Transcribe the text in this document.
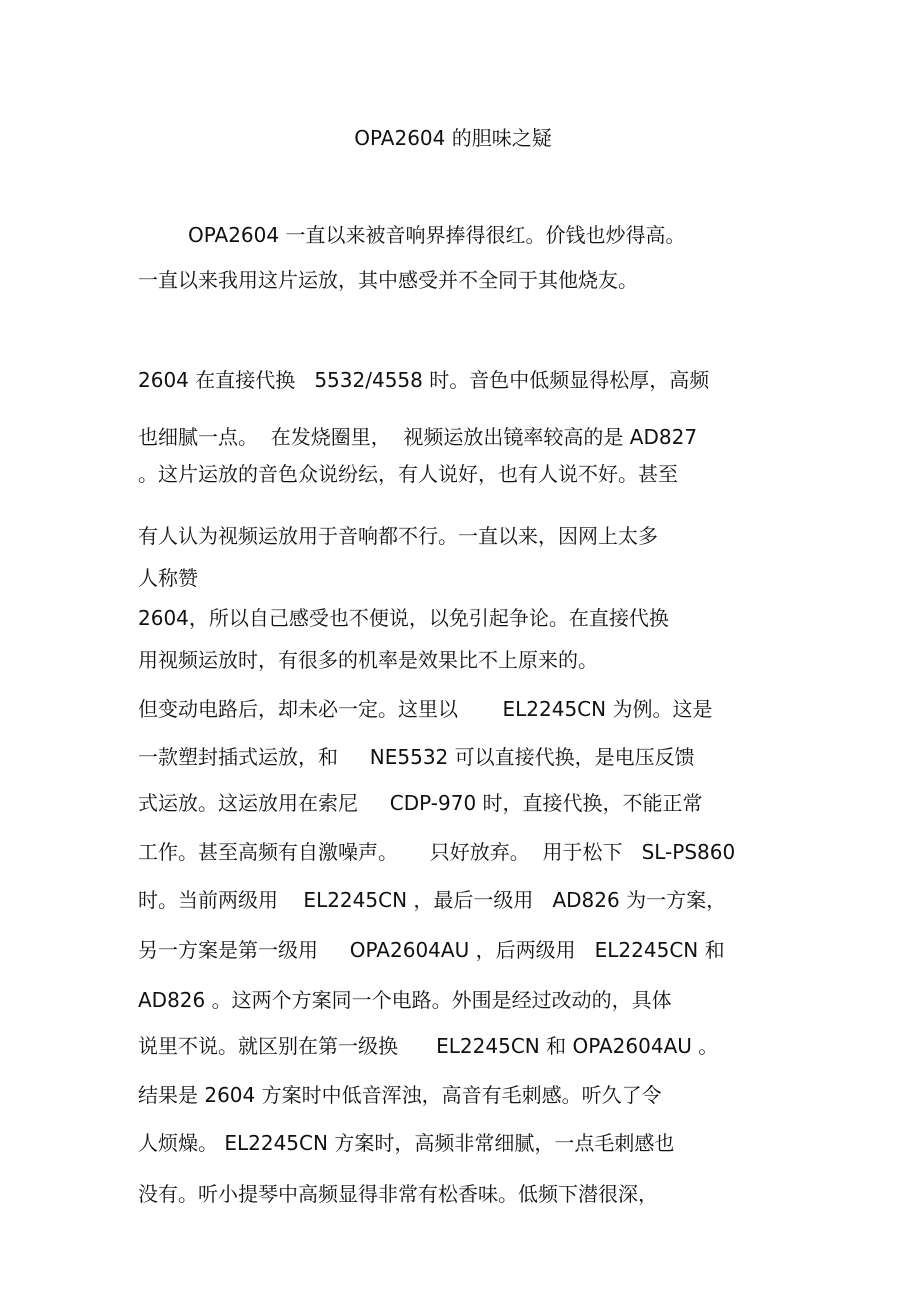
OPA2604 的胆味之疑
OPA2604 一直以来被音响界捧得很红。价钱也炒得高。
一直以来我用这片运放，其中感受并不全同于其他烧友。
2604 在直接代换   5532/4558 时。音色中低频显得松厚，高频
也细腻一点。  在发烧圈里，  视频运放出镜率较高的是 AD827
。这片运放的音色众说纷纭，有人说好，也有人说不好。甚至
有人认为视频运放用于音响都不行。一直以来，因网上太多
人称赞
2604，所以自己感受也不便说，以免引起争论。在直接代换
用视频运放时，有很多的机率是效果比不上原来的。
但变动电路后，却未必一定。这里以       EL2245CN 为例。这是
一款塑封插式运放，和     NE5532 可以直接代换，是电压反馈
式运放。这运放用在索尼     CDP-970 时，直接代换，不能正常
工作。甚至高频有自激噪声。     只好放弃。  用于松下   SL-PS860
时。当前两级用    EL2245CN ，最后一级用   AD826 为一方案，
另一方案是第一级用     OPA2604AU ，后两级用   EL2245CN 和
AD826 。这两个方案同一个电路。外围是经过改动的，具体
说里不说。就区别在第一级换      EL2245CN 和 OPA2604AU 。
结果是 2604 方案时中低音浑浊，高音有毛刺感。听久了令
人烦燥。 EL2245CN 方案时，高频非常细腻，一点毛刺感也
没有。听小提琴中高频显得非常有松香味。低频下潜很深，
